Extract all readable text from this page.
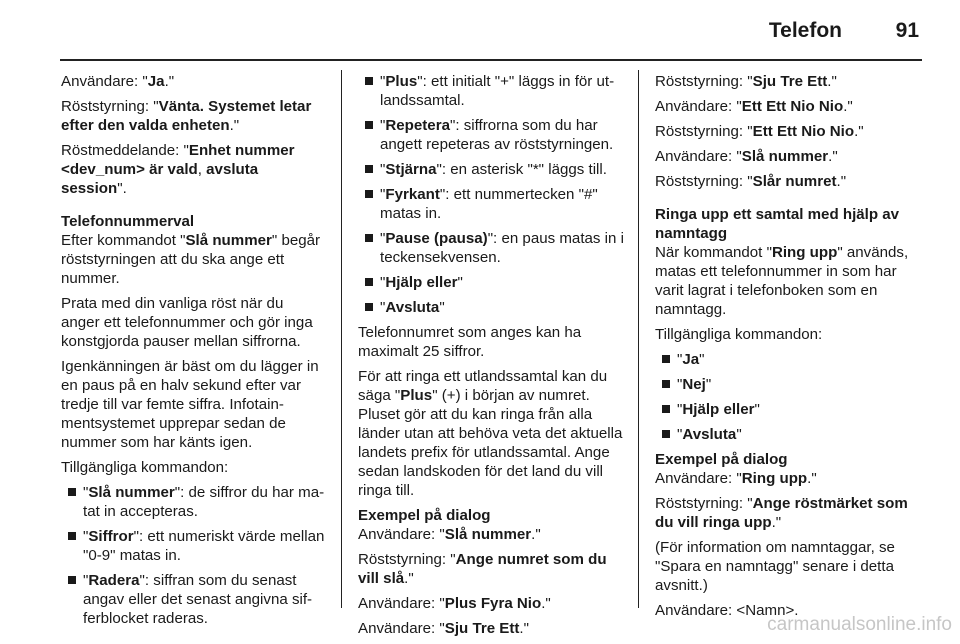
Telefon	91

Användare: "Ja."

Röststyrning: "Vänta. Systemet letar efter den valda enheten."

Röstmeddelande: "Enhet nummer <dev_num> är vald, avsluta session".

Telefonnummerval

Efter kommandot "Slå nummer" begår röststyrningen att du ska ange ett nummer.

Prata med din vanliga röst när du anger ett telefonnummer och gör inga konstgjorda pauser mellan siffrorna.

Igenkänningen är bäst om du lägger in en paus på en halv sekund efter var tredje till var femte siffra. Infotainmentsystemet upprepar sedan de nummer som har känts igen.

Tillgängliga kommandon:

"Slå nummer": de siffror du har matat in accepteras.
"Siffror": ett numeriskt värde mellan "0-9" matas in.
"Radera": siffran som du senast angav eller det senast angivna sifferblocket raderas.
"Plus": ett initialt "+" läggs in för utlandssamtal.
"Repetera": siffrorna som du har angett repeteras av röststyrningen.
"Stjärna": en asterisk "*" läggs till.
"Fyrkant": ett nummertecken "#" matas in.
"Pause (pausa)": en paus matas in i teckensekvensen.
"Hjälp eller"
"Avsluta"

Telefonnumret som anges kan ha maximalt 25 siffror.

För att ringa ett utlandssamtal kan du säga "Plus" (+) i början av numret. Pluset gör att du kan ringa från alla länder utan att behöva veta det aktuella landets prefix för utlandssamtal. Ange sedan landskoden för det land du vill ringa till.

Exempel på dialog

Användare: "Slå nummer."

Röststyrning: "Ange numret som du vill slå."

Användare: "Plus Fyra Nio."

Användare: "Sju Tre Ett."

Röststyrning: "Sju Tre Ett."

Användare: "Ett Ett Nio Nio."

Röststyrning: "Ett Ett Nio Nio."

Användare: "Slå nummer."

Röststyrning: "Slår numret."

Ringa upp ett samtal med hjälp av namntagg

När kommandot "Ring upp" används, matas ett telefonnummer in som har varit lagrat i telefonboken som en namntagg.

Tillgängliga kommandon:

"Ja"
"Nej"
"Hjälp eller"
"Avsluta"
Exempel på dialog

Användare: "Ring upp."

Röststyrning: "Ange röstmärket som du vill ringa upp."

(För information om namntaggar, se "Spara en namntagg" senare i detta avsnitt.)

Användare: <Namn>.

carmanualsonline.info
